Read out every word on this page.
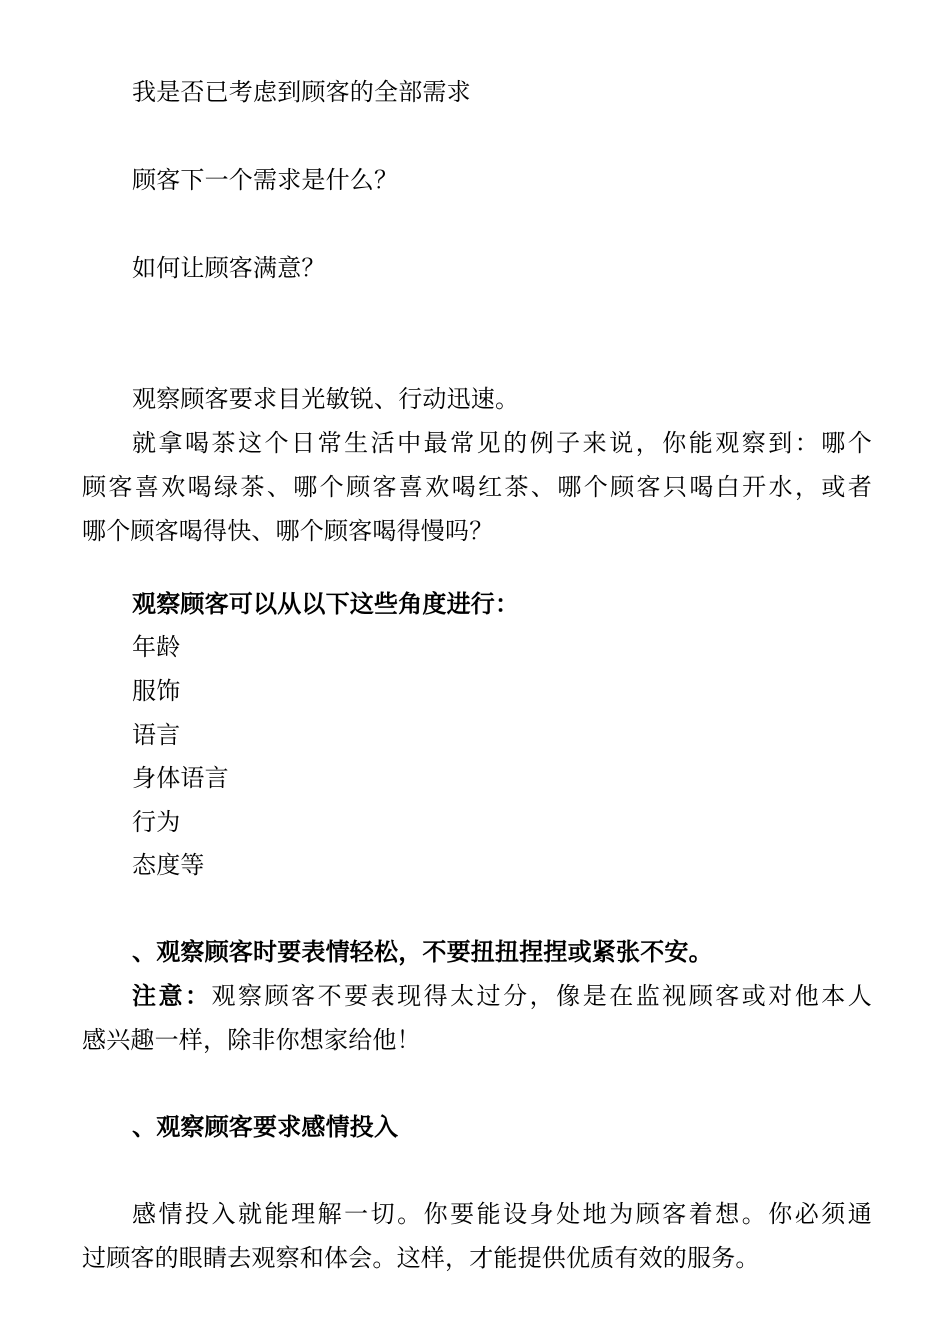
我是否已考虑到顾客的全部需求
顾客下一个需求是什么？
如何让顾客满意？
观察顾客要求目光敏锐、行动迅速。
就拿喝茶这个日常生活中最常见的例子来说，你能观察到：哪个
顾客喜欢喝绿茶、哪个顾客喜欢喝红茶、哪个顾客只喝白开水，或者
哪个顾客喝得快、哪个顾客喝得慢吗？
观察顾客可以从以下这些角度进行：
年龄
服饰
语言
身体语言
行为
态度等
、观察顾客时要表情轻松，不要扭扭捏捏或紧张不安。
注意：观察顾客不要表现得太过分，像是在监视顾客或对他本人
感兴趣一样，除非你想家给他！
、观察顾客要求感情投入
感情投入就能理解一切。你要能设身处地为顾客着想。你必须通
过顾客的眼睛去观察和体会。这样，才能提供优质有效的服务。
